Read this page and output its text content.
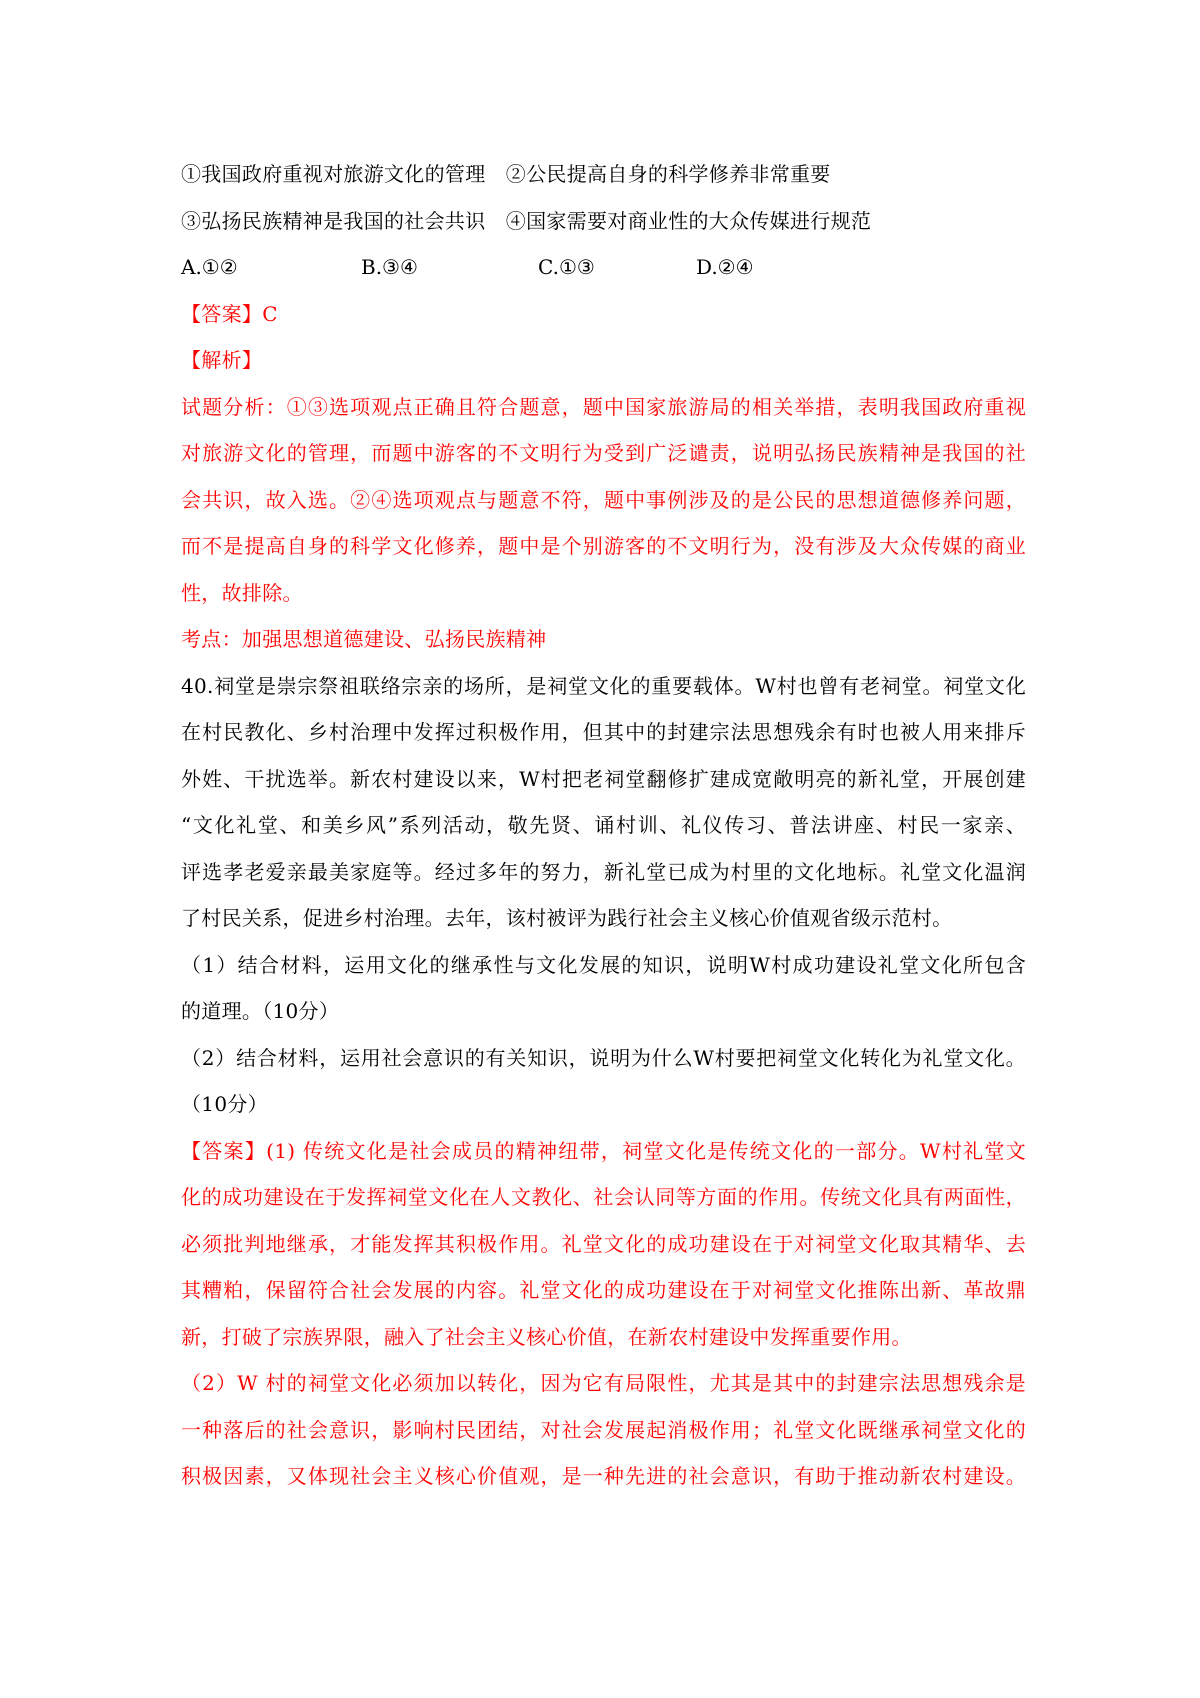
①我国政府重视对旅游文化的管理　②公民提高自身的科学修养非常重要
③弘扬民族精神是我国的社会共识　④国家需要对商业性的大众传媒进行规范
A.①②	B.③④	C.①③	D.②④
【答案】C
【解析】
试题分析：①③选项观点正确且符合题意，题中国家旅游局的相关举措，表明我国政府重视
对旅游文化的管理，而题中游客的不文明行为受到广泛谴责，说明弘扬民族精神是我国的社
会共识，故入选。②④选项观点与题意不符，题中事例涉及的是公民的思想道德修养问题，
而不是提高自身的科学文化修养，题中是个别游客的不文明行为，没有涉及大众传媒的商业
性，故排除。
考点：加强思想道德建设、弘扬民族精神
40.祠堂是崇宗祭祖联络宗亲的场所，是祠堂文化的重要载体。W村也曾有老祠堂。祠堂文化
在村民教化、乡村治理中发挥过积极作用，但其中的封建宗法思想残余有时也被人用来排斥
外姓、干扰选举。新农村建设以来，W村把老祠堂翻修扩建成宽敞明亮的新礼堂，开展创建
“文化礼堂、和美乡风”系列活动，敬先贤、诵村训、礼仪传习、普法讲座、村民一家亲、
评选孝老爱亲最美家庭等。经过多年的努力，新礼堂已成为村里的文化地标。礼堂文化温润
了村民关系，促进乡村治理。去年，该村被评为践行社会主义核心价值观省级示范村。
（1）结合材料，运用文化的继承性与文化发展的知识，说明W村成功建设礼堂文化所包含
的道理。（10分）
（2）结合材料，运用社会意识的有关知识，说明为什么W村要把祠堂文化转化为礼堂文化。
（10分）
【答案】(1) 传统文化是社会成员的精神纽带，祠堂文化是传统文化的一部分。W村礼堂文
化的成功建设在于发挥祠堂文化在人文教化、社会认同等方面的作用。传统文化具有两面性，
必须批判地继承，才能发挥其积极作用。礼堂文化的成功建设在于对祠堂文化取其精华、去
其糟粕，保留符合社会发展的内容。礼堂文化的成功建设在于对祠堂文化推陈出新、革故鼎
新，打破了宗族界限，融入了社会主义核心价值，在新农村建设中发挥重要作用。
（2）W 村的祠堂文化必须加以转化，因为它有局限性，尤其是其中的封建宗法思想残余是
一种落后的社会意识，影响村民团结，对社会发展起消极作用；礼堂文化既继承祠堂文化的
积极因素，又体现社会主义核心价值观，是一种先进的社会意识，有助于推动新农村建设。
